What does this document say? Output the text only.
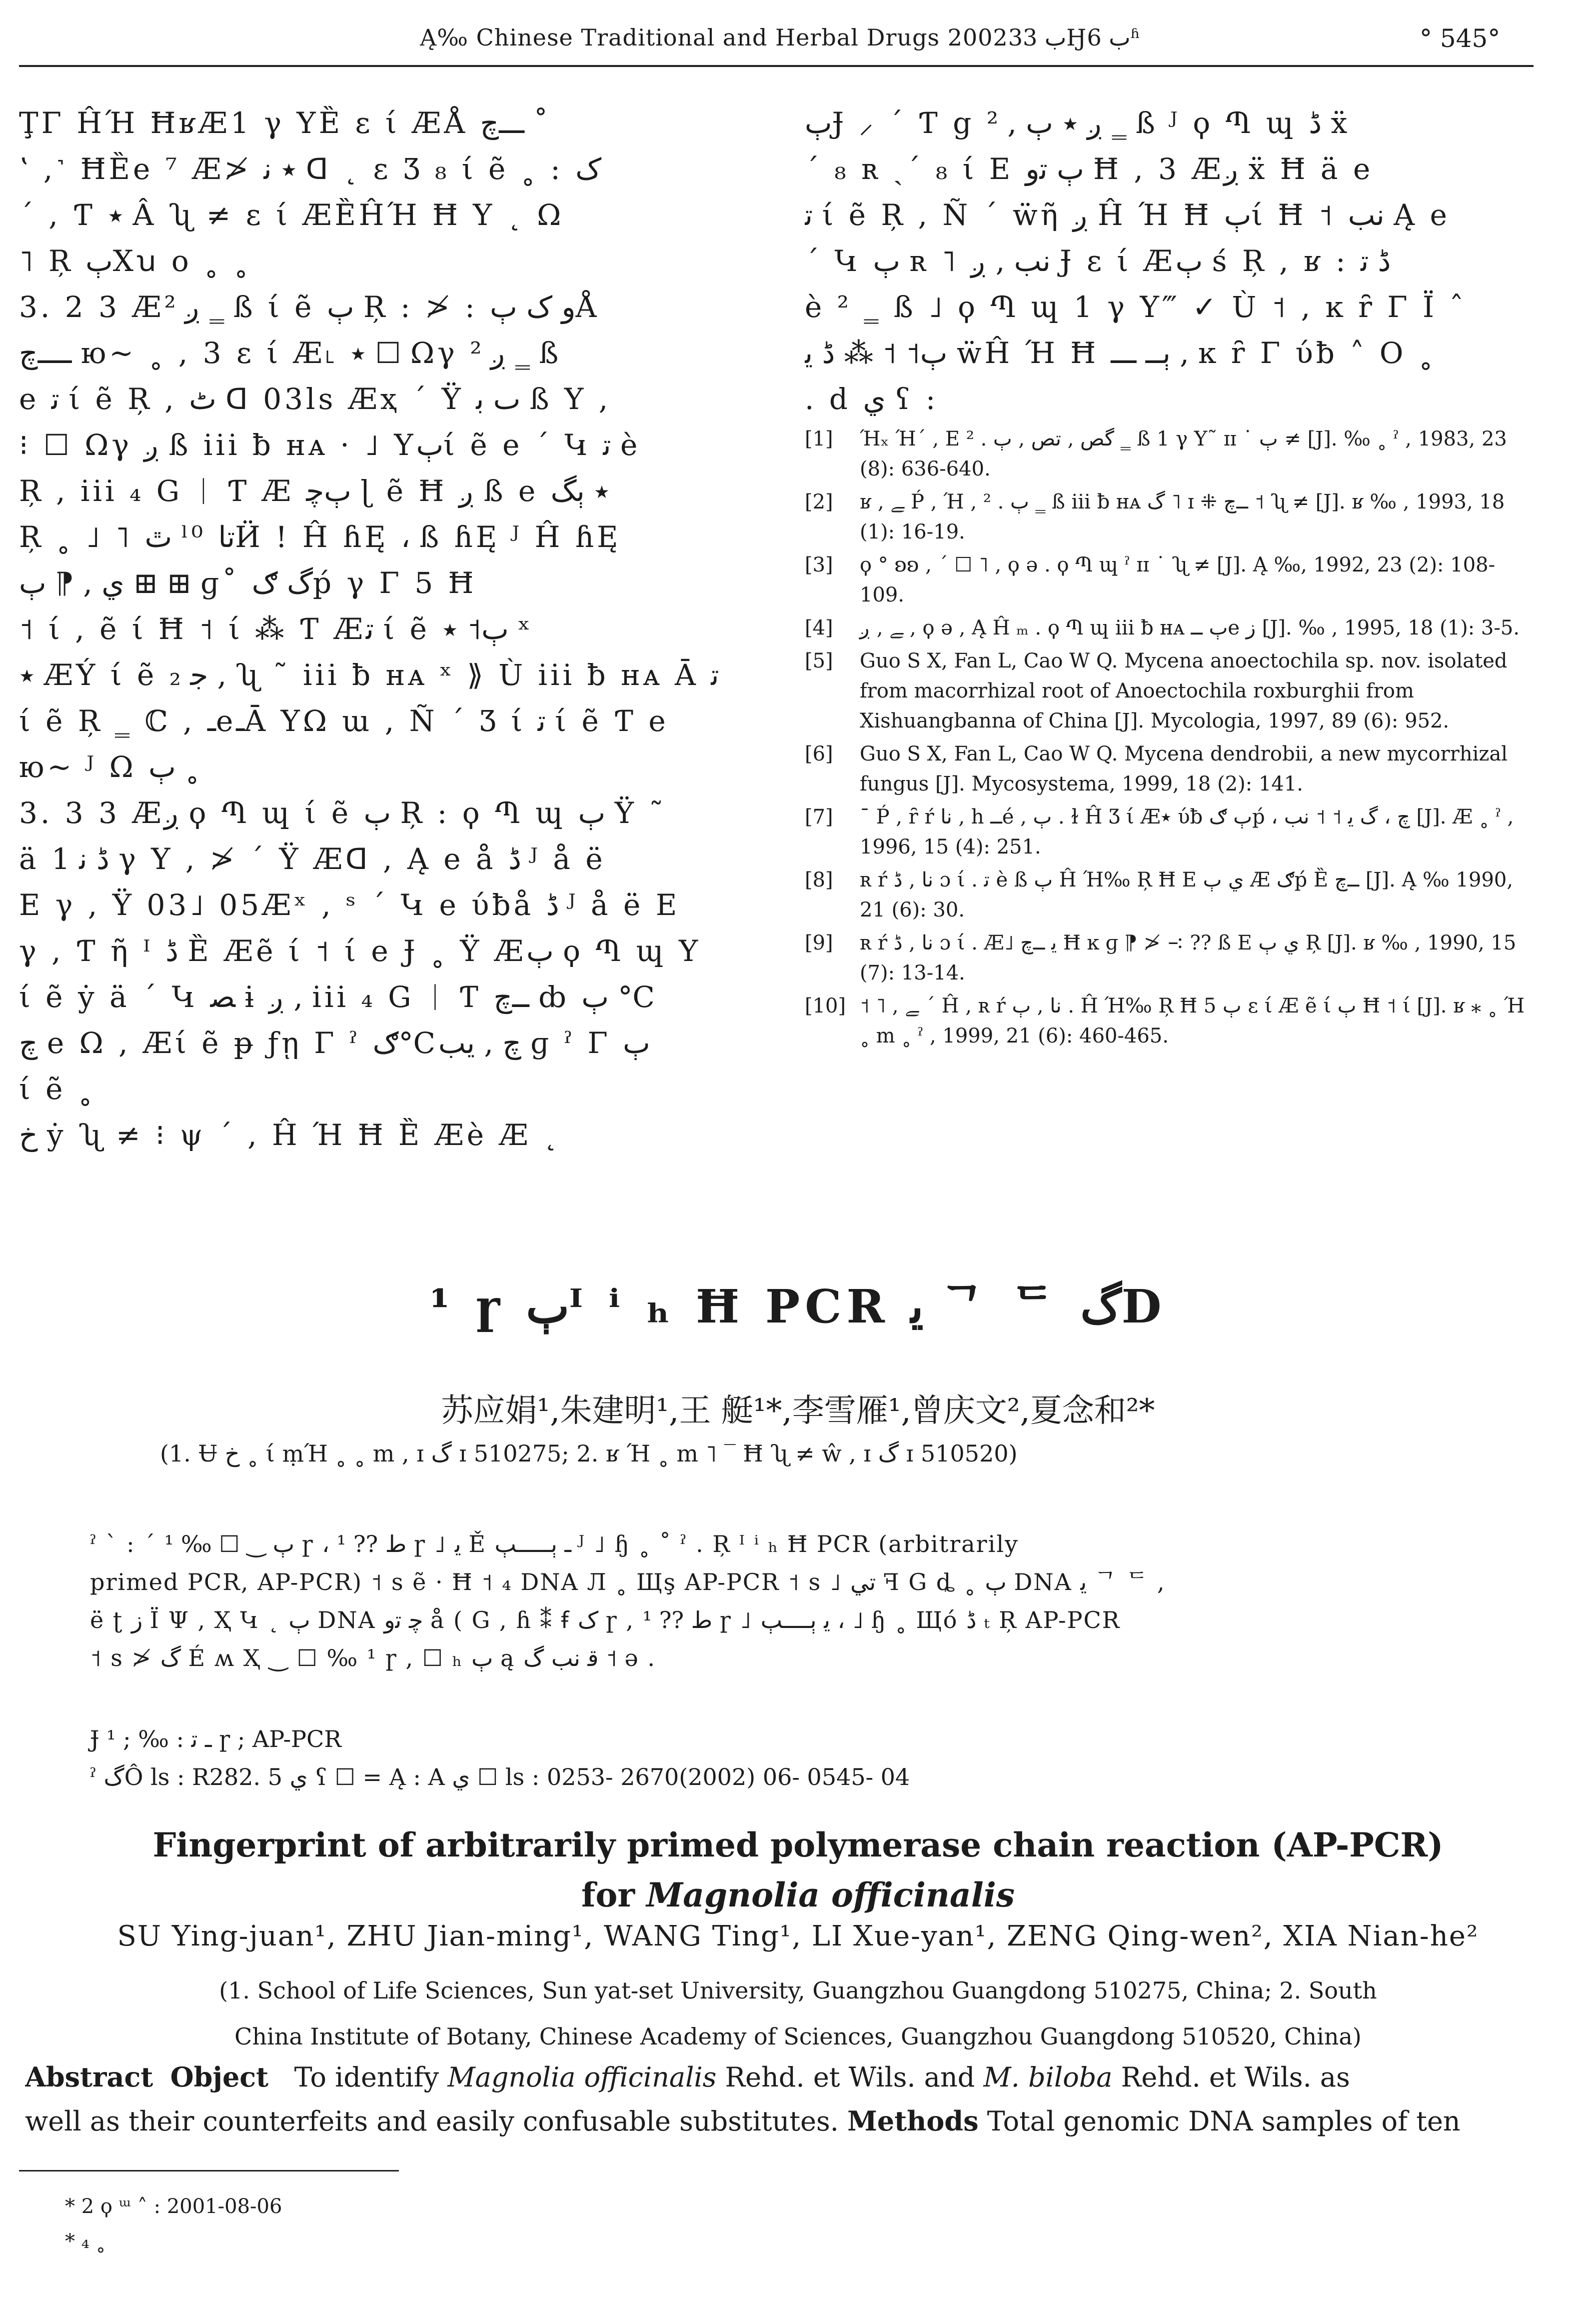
Ą‰ Chinese Traditional and Herbal Drugs 2002ب 33Ӈب 6ʱ	° 545°
ŢΓ ĤΉ ĦʁÆ1 γ YȄ ε ί ÆÅ ـــﭺ ˚
ʽ ,˺ ĦȄe ⁷ Æ≯ ٭ ﻧ ᗡ ˛ ε Ʒ ₈ ί ẽ ˳ : ک
΄ , Ƭ ٭ Â ʯ ≠ ε ί ÆȄĤΉ Ħ Y ˛ Ω
˥ Ŗ ٻXꭒ ο ˳ ˳
3. 2 3 Æږ ² ‗ ß ί ẽ ٻ Ŗ : ≯ : ﻭ ک ٻÅ
ــــﭺ ю~ ˳ , 3 ε ί Æ˪ ٭ ☐ Ωγ ږ ² ‗ ß
e ﺗ ί ẽ Ŗ , ٹ ᗡ 03ls Æҳ ΄ Ÿ ٮ ﺑ ß Y ,
⁝ ☐ Ωγ ږ ß iii ƀ ʜᴀ · ˩ Yٻί ẽ e ΄ Կ ﺗ è
Ŗ , iii ₄ G ᛁ Ƭ Æ ٻﭼ ɭ ẽ Ħ ږ ß e ٭ ٻگ
Ŗ ˳ ˩ ˥ ٿ ˡ⁰ ﺗﺎӤ ! Ĥ ɦĘ ، ß ɦĘ ᴶ Ĥ ɦĘ
ي , ⁋ ٻ ⊞ ⊞ ɡ˚ گ ګṕ γ Γ 5 Ħ
˦ ί , ẽ ί Ħ ˦ ί ⁂ Ƭ Æﺗ ί ẽ ٻ˦ ٭ ˣ
٭ ÆÝ ί ẽ ﺟ ₂ , ʯ ˜ iii ƀ ʜᴀ ˣ ⟫ Ù iii ƀ ʜᴀ Ā ﺗ
ί ẽ Ŗ ‗ ℂ , ـeـĀ YΩ ɯ , Ñ ΄ Ʒ ί ﺗ ί ẽ Ƭ e
ю~ ᴶ Ω ٻ ˳
3. 3 3 Æږ ϙ Պ ɰ ί ẽ ٻ Ŗ : ϙ Պ ɰ ٻ Ÿ ˜
ä ڈ ﻧ 1 γ Y , ≯ ΄ Ÿ Æᗡ , Ą e å ڈ ᴶ å ë
E γ , Ÿ 03˩ 05Æˣ , ˢ ΄ Կ e ύƀå ڈ ᴶ å ë E
γ , Ƭ ῆ ᴵ ڈ Ȅ Æẽ ί ˦ ί e Ɉ ˳ Ÿ Æٻ ϙ Պ ɰ Y
ί ẽ ẏ ä ΄ Կ ﺼ ɨ ږ , iii ₄ G ᛁ Ƭ ــﭺ ȸ ٻ °C
ﭺ e Ω , Æί ẽ ᵽ ƒῃ Γ ˀ ګ°Cﭺ , ﻳﺐ ɡ ˀ Γ ٻ
ί ẽ ˳
ﺥ ẏ ʯ ≠ ⁝ ψ ΄ , Ĥ Ή Ħ Ȅ Æè Æ ˛
ٻɈ ⸝ ΄ Ƭ g ږ ٭ ٻ , ² ‗ ß ᴶ ϙ Պ ɰ ڈ ẍ
΄ ₈ ʀ ˏ΄ ₈ ί E ٻ ﺗﻭ Ħ , 3 Æږ ẍ Ħ ä e
ﺗ ί ẽ Ŗ , Ñ ΄ ẅῆ ږ Ĥ Ή Ħ ٻί Ħ ˦ ﻧﺐ Ą e
΄ Կ ٻ ʀ ˥ ﻧﺐ , ږ Ɉ ε ί Æٻ ś Ŗ , ʁ : ڈ ﺗ
è ² ‗ ß ˩ ϙ Պ ɰ 1 γ Y‴ ✓ Ù ˦ , ĸ ȓ Γ Ï ˆ
ٻ˦ ˦ ⁂ ڈ ﻳ ẅĤ Ή Ħ ٻــ ـــ , ĸ ȓ Γ ύƀ ˄ O ˳
. d ي ʕ :
[1]	Ήₓ Ή΄ , E ﮔﺺ , ﺗﺺ , ٻ . ² ‗ ß 1 γ Y˜ ɪɪ ˙ ٻ ≠ [J]. ‰ ˳ ˀ , 1983, 23 (8): 636-640.
[2]	ʁ , ﮯ Ṕ , Ή , ٻ . ² ‗ ß iii ƀ ʜᴀ گ ˥ ɪ ⁜ ــﭺ ˦ ʯ ≠ [J]. ʁ ‰ , 1993, 18 (1): 16-19.
[3]	ϙ ° ʚʚ , ΄ ☐ ˥ , ϙ ə . ϙ Պ ɰ ˀ ɪɪ ˙ ʯ ≠ [J]. Ą ‰, 1992, 23 (2): 108-109.
[4]	ﮯ , ږ , ϙ ə , Ą Ĥ ₘ . ϙ Պ ɰ iii ƀ ʜᴀ ٻ ــe ﺯ [J]. ‰ , 1995, 18 (1): 3-5.
[5]	Guo S X, Fan L, Cao W Q. Mycena anoectochila sp. nov. isolated from macorrhizal root of Anoectochila roxburghii from Xishuangbanna of China [J]. Mycologia, 1997, 89 (6): 952.
[6]	Guo S X, Fan L, Cao W Q. Mycena dendrobii, a new mycorrhizal fungus [J]. Mycosystema, 1999, 18 (2): 141.
[7]	ˉ Ṕ , ȓ ŕ ﻧﺎ , h ــé , ٻ . ɫ Ĥ Ʒ ί Æ٭ ύƀ ٻ ګṕ ، ﭺ ، گ ﻳ ˦ ˦ ﻧﺐ [J]. Æ ˳ ˀ , 1996, 15 (4): 251.
[8]	ʀ ŕ ﻧﺎ , ڈ ɔ ί . ﺗ è ß ٻ Ĥ Ή‰ Ŗ Ħ E ي ٻ Æ ګṕ Ȅ ــﭺ [J]. Ą ‰ 1990, 21 (6): 30.
[9]	ʀ ŕ ﻧﺎ , ڈ ɔ ί . Æ˩ ﻳ ــﭺ Ħ ĸ ɡ ⁋ ≯ ∹ ?? ß E ي ٻ Ŗ [J]. ʁ ‰ , 1990, 15 (7): 13-14.
[10] ˦ ˥ , ﮯ ΄ Ĥ , ʀ ŕ ﻧﺎ , ٻ . Ĥ Ή‰ Ŗ Ħ ٻ 5 ε ί Æ ẽ ί ٻ Ħ ˦ ί [J]. ʁ ⁎ ˳ Ή ˳ m ˳ ˀ , 1999, 21 (6): 460-465.
¹ ɼ ٻᴵ ⁱ ₕ Ħ PCR ﻳ ᄀ ᄃ گD
苏应娟¹,朱建明¹,王 艇¹*,李雪雁¹,曾庆文²,夏念和²*
(1. Ʉ ﺥ ˳ ί ṃΉ ˳ ˳ m , ɪ گ ɪ 510275; 2. ʁ Ή ˳ m ˥ ‾ Ħ ʯ ≠ ŵ , ɪ گ ɪ 510520)
ˀ ˋ : ΄ ٻ ‿ ☐ ‰ ¹ ɼ ، ﻁ ?? ¹ ɼ ˩ ﻳ Ě ـ ٻـــــٻ ᴶ ˩ ɧ ˳ ˚ ˀ . Ŗ ᴵ ⁱ ₕ Ħ PCR (arbitrarily
primed PCR, AP-PCR) ˦ s ẽ · Ħ ˦ ₄ DNA Л ˳ Щş AP-PCR ˦ s ˩ ﺗﻲ ꟻ G ȡ ˳ ٻ DNA ﻳ ᄀ ᄃ ,
ë ʈ ﺯ Ϊ Ψ , Ҳ Կ ˛ ٻ DNA ﭼ ﺗﻭ å ( G , ɦ ⁑ ꞙ ک ɼ , ﻁ ?? ¹ ɼ ˩ ﻳ ٻــــٻ ، ˩ ɧ ˳ Щό ڈ ₜ Ŗ AP-PCR
˦ s ≯ گ É ʍ Ҳ ‿ ☐ ‰ ¹ ɼ , ☐ ₕ ٻ ą ﻗ ﻧﺐ گ ˦ ə .
Ɉ ـ ﺗ : ‰ ; ¹ ɼ ; AP-PCR
ˀ گÔ ls : R282. 5 ي ʕ ☐ = Ą : A ي ☐ ls : 0253- 2670(2002) 06- 0545- 04
Fingerprint of arbitrarily primed polymerase chain reaction (AP-PCR)
for Magnolia officinalis
SU Ying-juan¹, ZHU Jian-ming¹, WANG Ting¹, LI Xue-yan¹, ZENG Qing-wen², XIA Nian-he²
(1. School of Life Sciences, Sun yat-set University, Guangzhou Guangdong 510275, China; 2. South
China Institute of Botany, Chinese Academy of Sciences, Guangzhou Guangdong 510520, China)
Abstract Object To identify Magnolia officinalis Rehd. et Wils. and M. biloba Rehd. et Wils. as
well as their counterfeits and easily confusable substitutes. Methods Total genomic DNA samples of ten
* 2 ϙ ᵚ ˄ : 2001-08-06
* ₄ ˳
